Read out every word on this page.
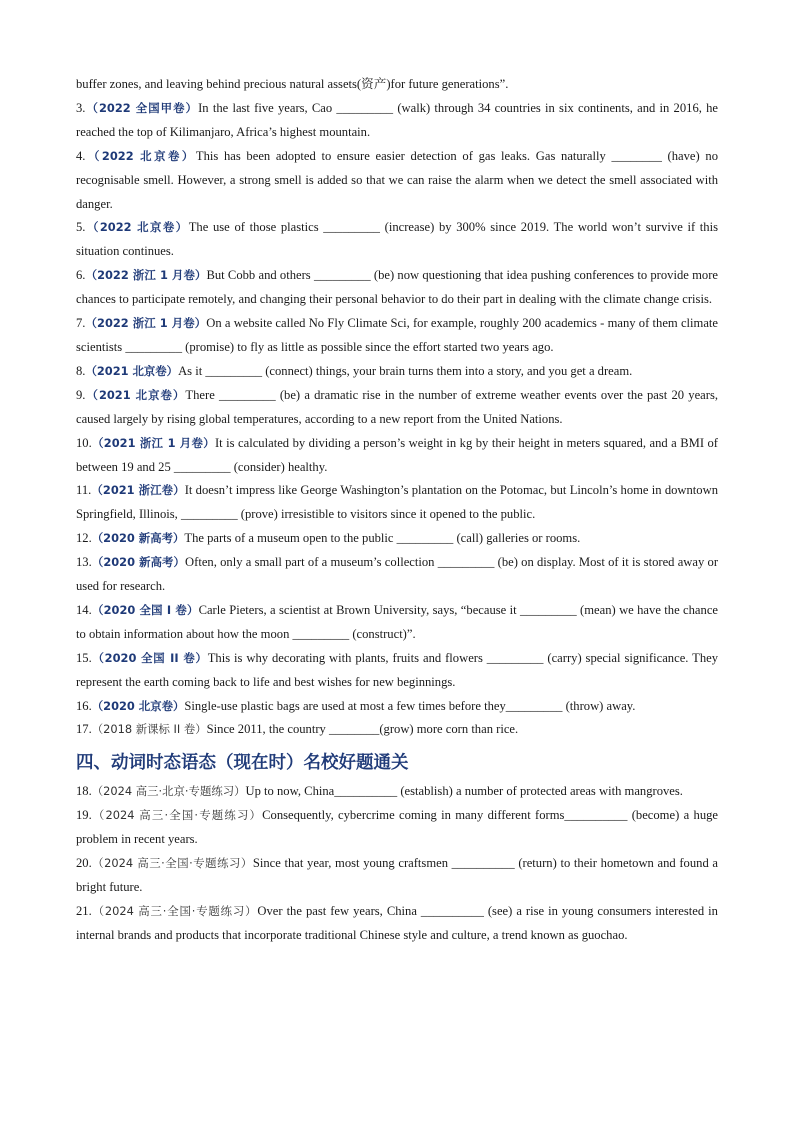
buffer zones, and leaving behind precious natural assets(资产)for future generations”.

3.（2022 全国甲卷）In the last five years, Cao _________ (walk) through 34 countries in six continents, and in 2016, he reached the top of Kilimanjaro, Africa’s highest mountain.

4.（2022 北京卷）This has been adopted to ensure easier detection of gas leaks. Gas naturally ________ (have) no recognisable smell. However, a strong smell is added so that we can raise the alarm when we detect the smell associated with danger.

5.（2022 北京卷）The use of those plastics _________ (increase) by 300% since 2019. The world won’t survive if this situation continues.

6.（2022 浙江 1 月卷）But Cobb and others _________ (be) now questioning that idea pushing conferences to provide more chances to participate remotely, and changing their personal behavior to do their part in dealing with the climate change crisis.

7.（2022 浙江 1 月卷）On a website called No Fly Climate Sci, for example, roughly 200 academics - many of them climate scientists _________ (promise) to fly as little as possible since the effort started two years ago.

8.（2021 北京卷）As it _________ (connect) things, your brain turns them into a story, and you get a dream.

9.（2021 北京卷）There _________ (be) a dramatic rise in the number of extreme weather events over the past 20 years, caused largely by rising global temperatures, according to a new report from the United Nations.

10.（2021 浙江 1 月卷）It is calculated by dividing a person’s weight in kg by their height in meters squared, and a BMI of between 19 and 25 _________ (consider) healthy.

11.（2021 浙江卷）It doesn’t impress like George Washington’s plantation on the Potomac, but Lincoln’s home in downtown Springfield, Illinois, _________ (prove) irresistible to visitors since it opened to the public.

12.（2020 新高考）The parts of a museum open to the public _________ (call) galleries or rooms.

13.（2020 新高考）Often, only a small part of a museum’s collection _________ (be) on display. Most of it is stored away or used for research.

14.（2020 全国 I 卷）Carle Pieters, a scientist at Brown University, says, “because it _________ (mean) we have the chance to obtain information about how the moon _________ (construct)”.

15.（2020 全国 II 卷）This is why decorating with plants, fruits and flowers _________ (carry) special significance. They represent the earth coming back to life and best wishes for new beginnings.

16.（2020 北京卷）Single-use plastic bags are used at most a few times before they_________ (throw) away.

17.（2018 新课标 II 卷）Since 2011, the country ________(grow) more corn than rice.

四、动词时态语态（现在时）名校好题通关

18.（2024 高三·北京·专题练习）Up to now, China__________ (establish) a number of protected areas with mangroves.

19.（2024 高三·全国·专题练习）Consequently, cybercrime coming in many different forms__________ (become) a huge problem in recent years.

20.（2024 高三·全国·专题练习）Since that year, most young craftsmen __________ (return) to their hometown and found a bright future.

21.（2024 高三·全国·专题练习）Over the past few years, China __________ (see) a rise in young consumers interested in internal brands and products that incorporate traditional Chinese style and culture, a trend known as guochao.
